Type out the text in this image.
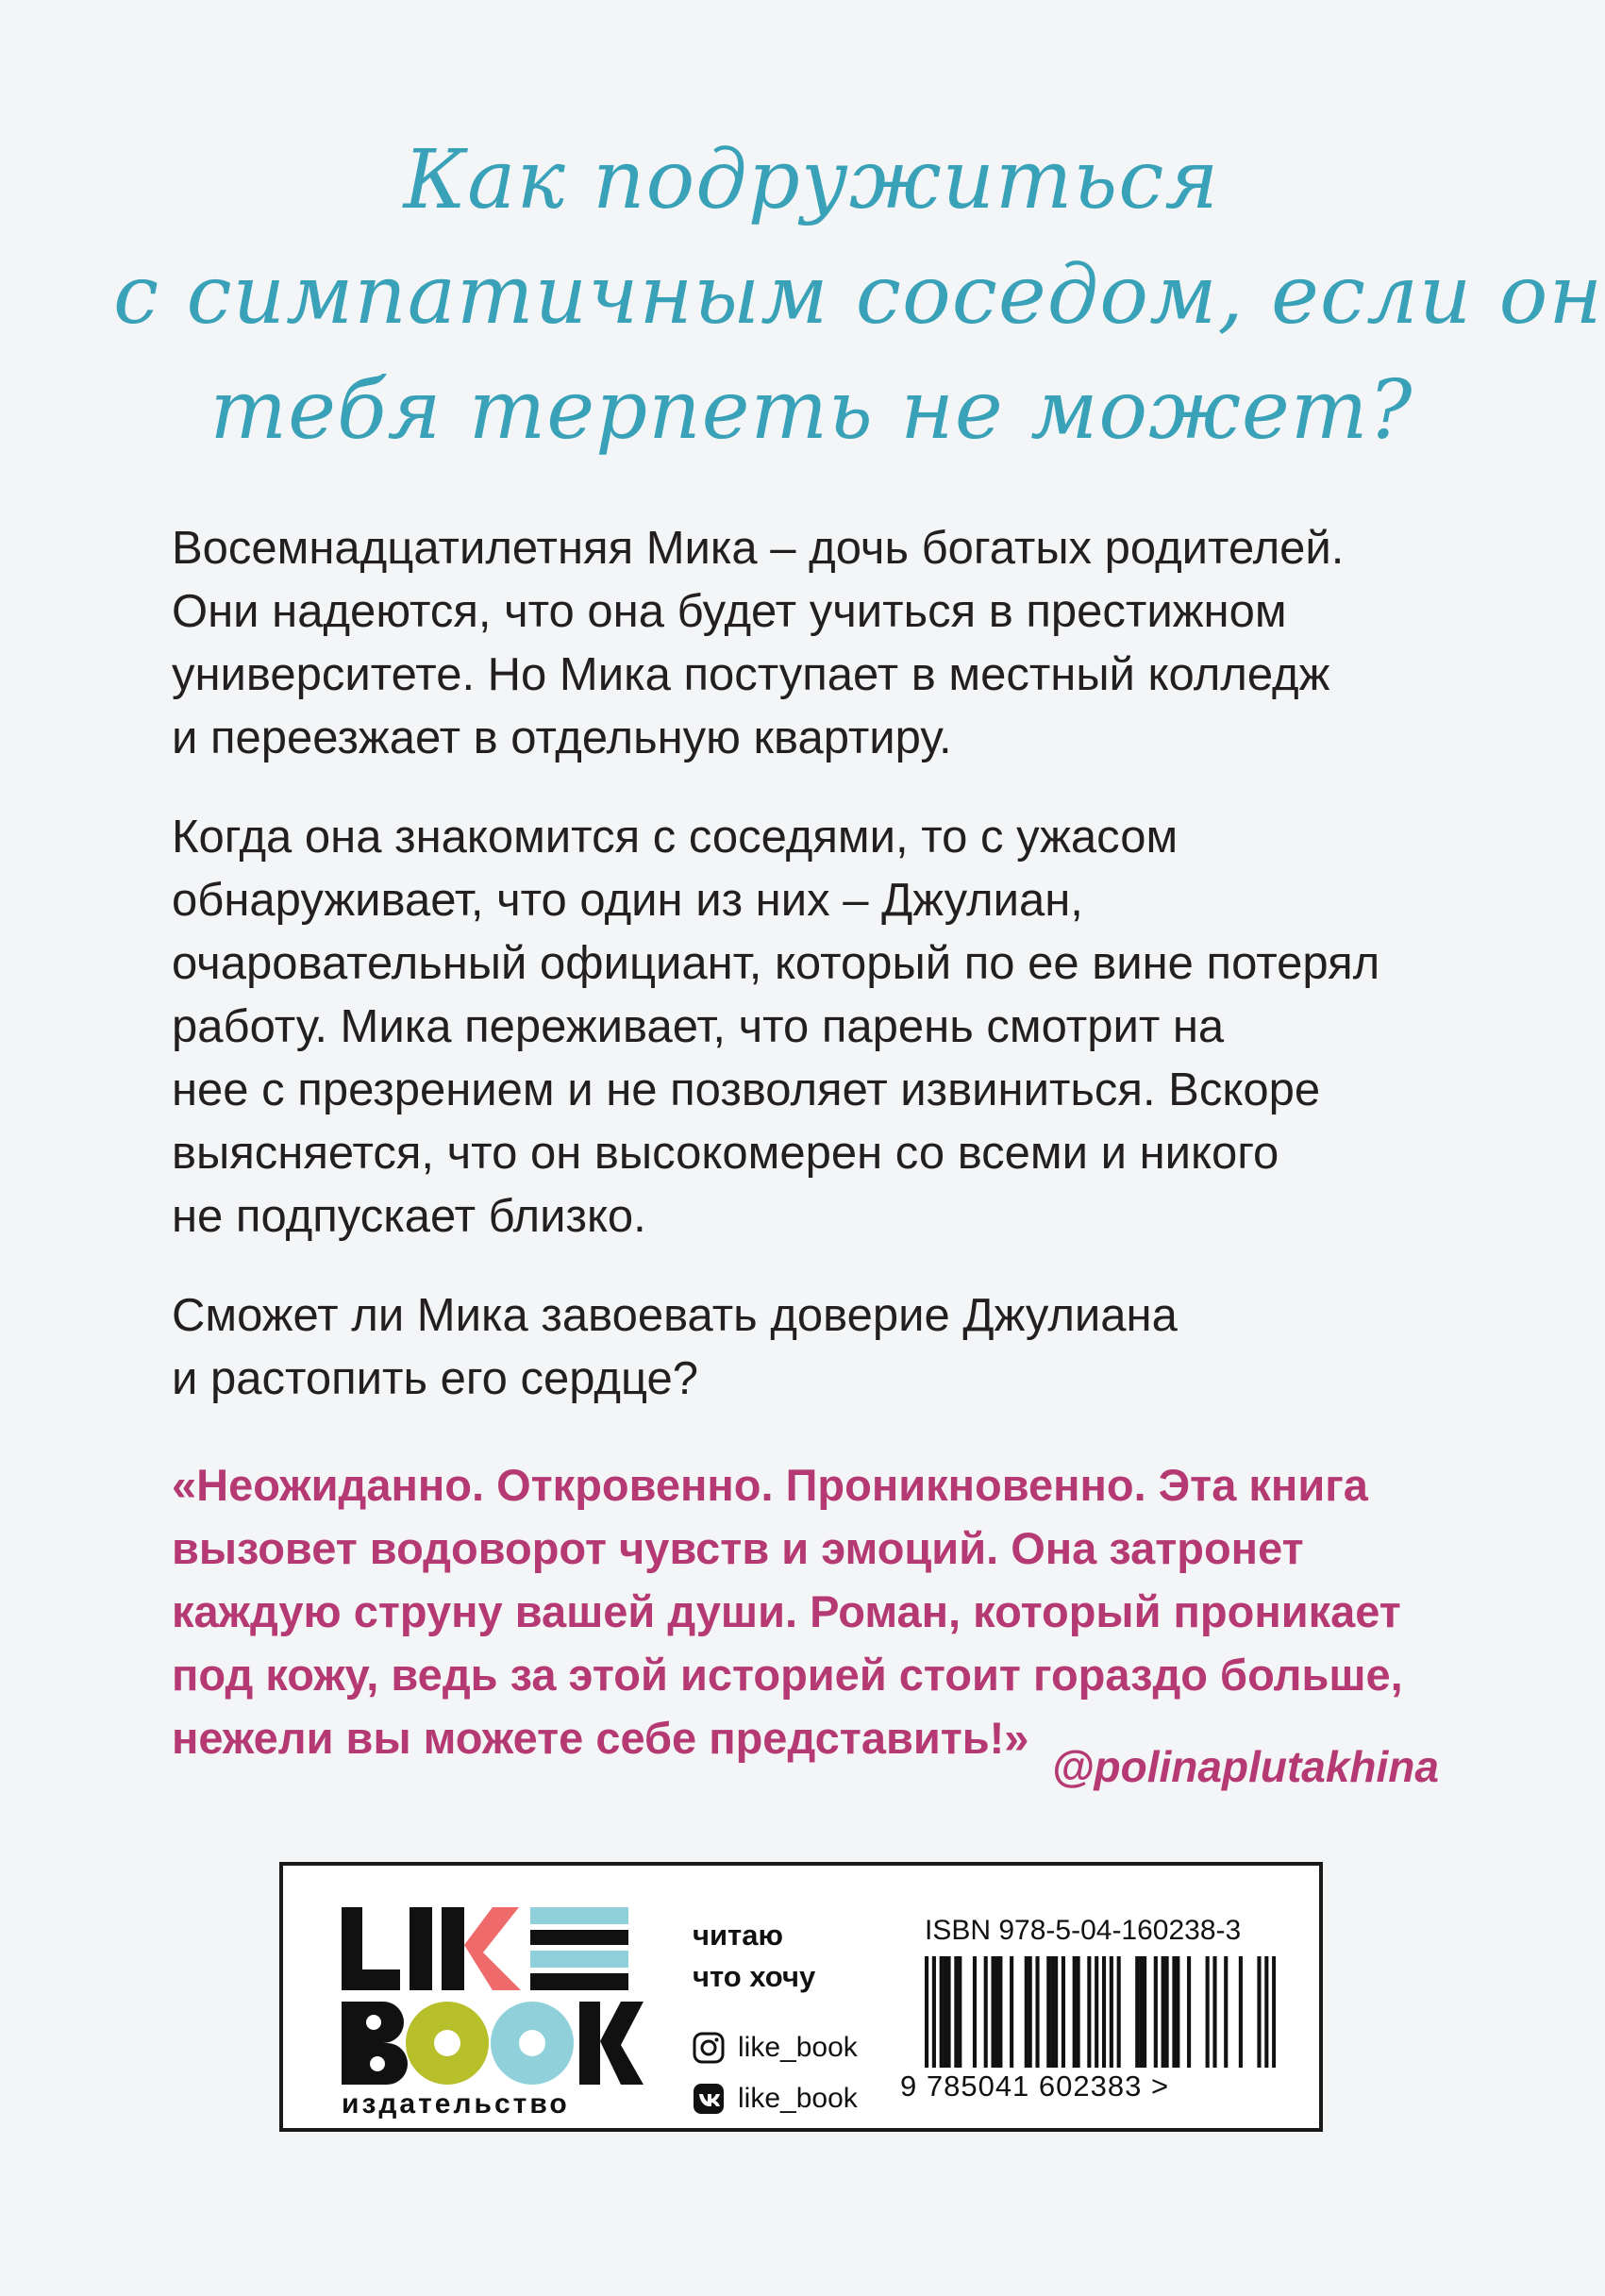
Как подружиться
с симпатичным соседом, если он
тебя терпеть не может?

Восемнадцатилетняя Мика – дочь богатых родителей.
Они надеются, что она будет учиться в престижном
университете. Но Мика поступает в местный колледж
и переезжает в отдельную квартиру.

Когда она знакомится с соседями, то с ужасом
обнаруживает, что один из них – Джулиан,
очаровательный официант, который по ее вине потерял
работу. Мика переживает, что парень смотрит на
нее с презрением и не позволяет извиниться. Вскоре
выясняется, что он высокомерен со всеми и никого
не подпускает близко.

Сможет ли Мика завоевать доверие Джулиана
и растопить его сердце?

«Неожиданно. Откровенно. Проникновенно. Эта книга
вызовет водоворот чувств и эмоций. Она затронет
каждую струну вашей души. Роман, который проникает
под кожу, ведь за этой историей стоит гораздо больше,
нежели вы можете себе представить!»
@polinaplutakhina
издательство
читаю
что хочу
like_book
like_book
ISBN 978-5-04-160238-3
9 785041 602383 >
